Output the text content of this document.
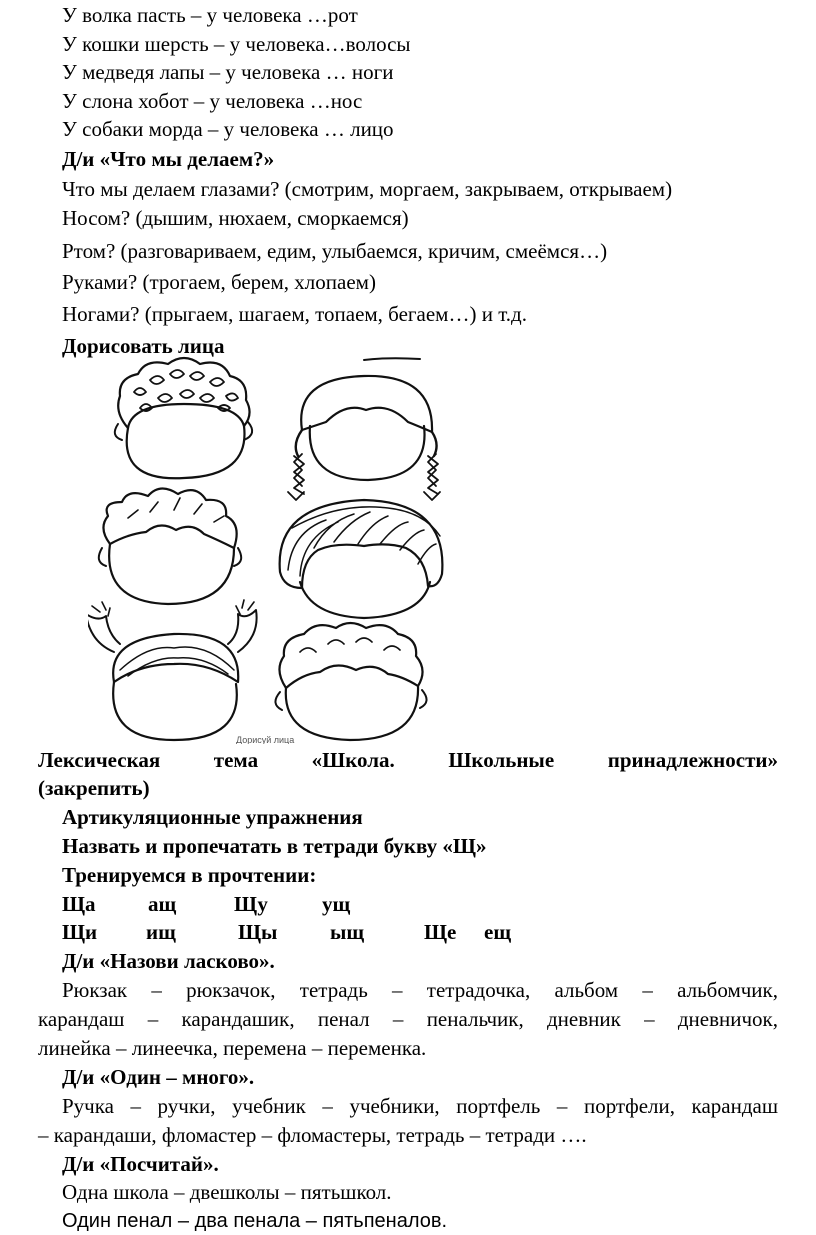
У волка пасть – у человека …рот
У кошки шерсть – у человека…волосы
У медведя лапы – у человека … ноги
У слона хобот – у человека …нос
У собаки морда – у человека … лицо
Д/и «Что мы делаем?»
Что мы делаем глазами? (смотрим, моргаем, закрываем, открываем)
Носом? (дышим, нюхаем, сморкаемся)
Ртом? (разговариваем, едим, улыбаемся, кричим, смеёмся…)
Руками? (трогаем, берем, хлопаем)
Ногами? (прыгаем, шагаем, топаем, бегаем…) и т.д.
Дорисовать лица
Дорисуй лица
Лексическая	тема	«Школа.	Школьные	принадлежности»
(закрепить)
Артикуляционные упражнения
Назвать и пропечатать в тетради букву «Щ»
Тренируемся в прочтении:
Ща ащ	Щу	ущ
Щи ищ	Щы	ыщ	Ще ещ
Д/и «Назови ласково».
Рюкзак – рюкзачок, тетрадь – тетрадочка, альбом – альбомчик,
карандаш – карандашик, пенал – пенальчик, дневник – дневничок,
линейка – линеечка, перемена – переменка.
Д/и «Один – много».
Ручка – ручки, учебник – учебники, портфель – портфели, карандаш
– карандаши, фломастер – фломастеры, тетрадь – тетради ….
Д/и «Посчитай».
Одна школа – двешколы – пятьшкол.
Один пенал – два пенала – пятьпеналов.
